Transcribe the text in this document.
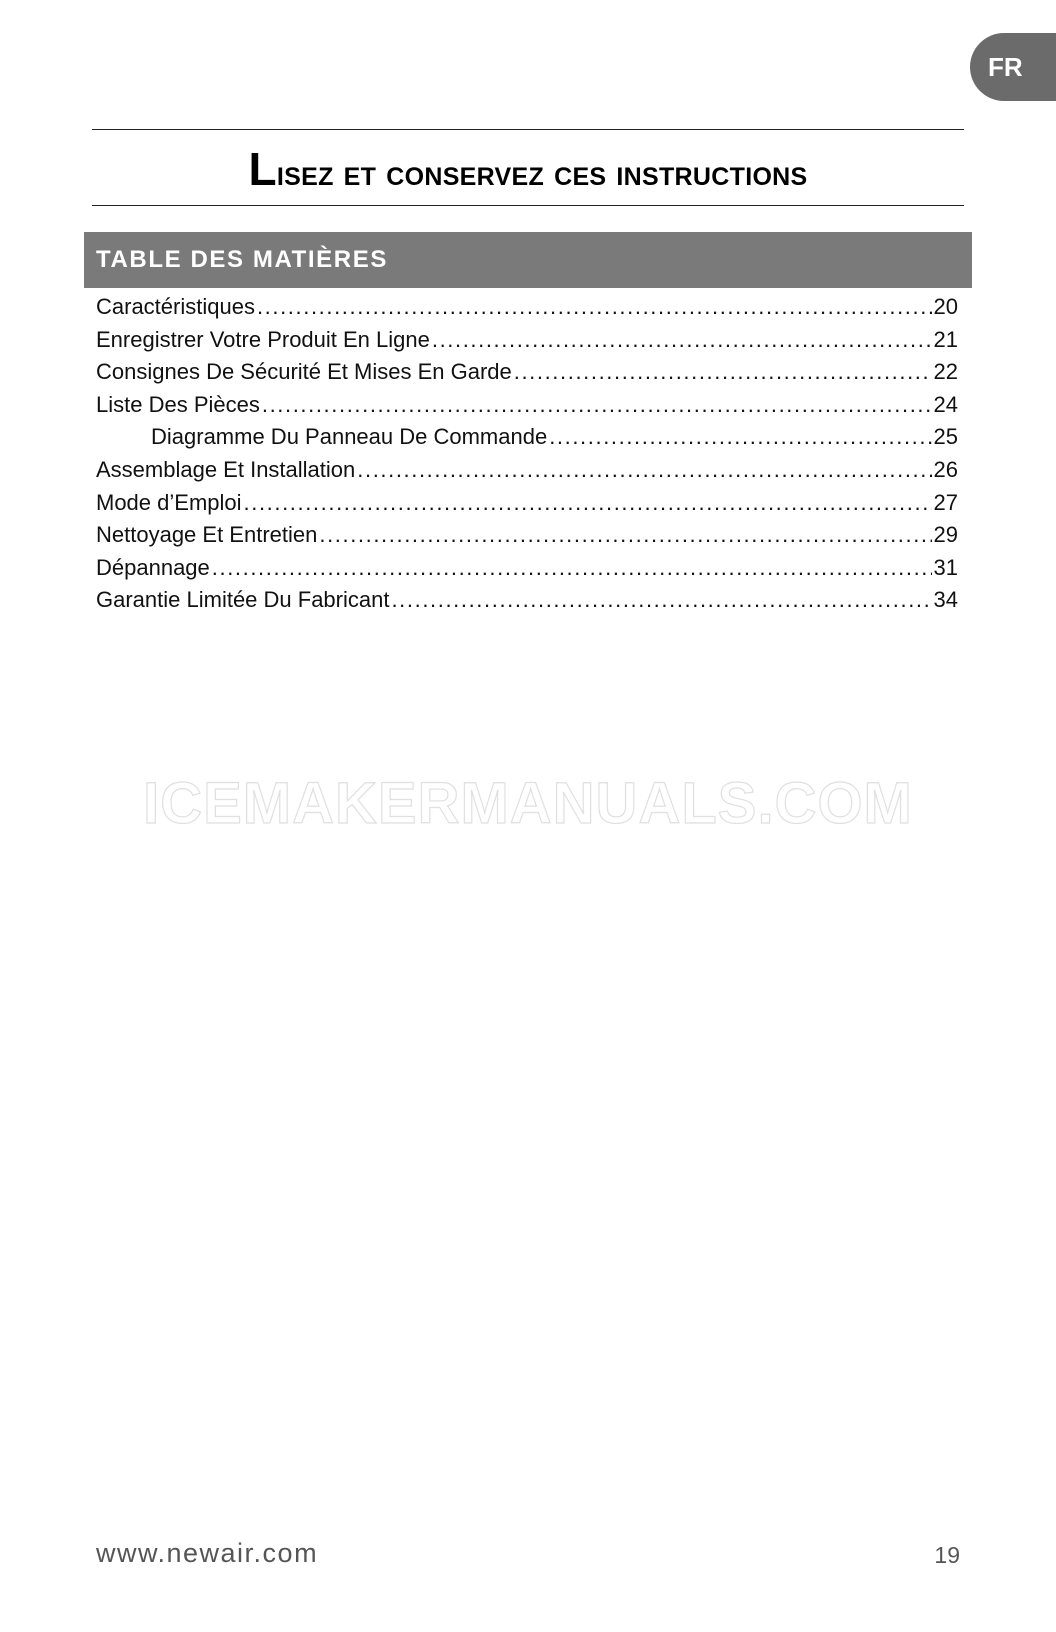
FR
Lisez et conservez ces instructions
TABLE DES MATIÈRES
Caractéristiques .....	20
Enregistrer Votre Produit En Ligne .....	21
Consignes De Sécurité Et Mises En Garde .....	22
Liste Des Pièces .....	24
Diagramme Du Panneau De Commande .....	25
Assemblage Et Installation .....	26
Mode d’Emploi .....	27
Nettoyage Et Entretien .....	29
Dépannage .....	31
Garantie Limitée Du Fabricant .....	34
ICEMAKERMANUALS.COM
www.newair.com	19
